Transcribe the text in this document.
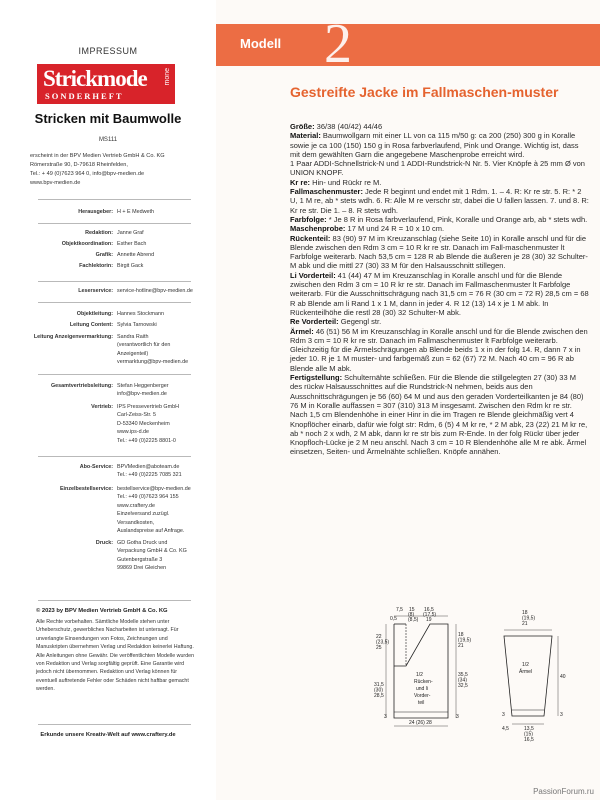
IMPRESSUM
Strickmode
SONDERHEFT
mone
Stricken mit Baumwolle
MS111
erscheint in der BPV Medien Vertrieb GmbH & Co. KG
Römerstraße 90, D-79618 Rheinfelden,
Tel.: + 49 (0)7623 964 0, info@bpv-medien.de
www.bpv-medien.de
Herausgeber: H + E Medweth
Redaktion: Janne Graf
Objektkoordination: Esther Bach
Grafik: Annette Abrend
Fachlektorin: Birgit Gack
Leserservice: service-hotline@bpv-medien.de
Objektleitung: Hannes Stockmann
Leitung Content: Sylvia Tarnowski
Leitung Anzeigenvermarktung: Sandra Raith
(verantwortlich für den
Anzeigenteil)
vermarktung@bpv-medien.de
Gesamtvertriebsleitung: Stefan Heggenberger
info@bpv-medien.de
Vertrieb: IPS Pressevertrieb GmbH
Carl-Zeiss-Str. 5
D-53340 Meckenheim
www.ips-d.de
Tel.: +49 (0)2225 8801-0
Abo-Service: BPVMedien@aboteam.de
Tel.: +49 (0)2225 7085 321
Einzelbestellservice: bestellservice@bpv-medien.de
Tel.: +49 (0)7623 964 155
www.craftery.de
Einzelversand zuzügl.
Versandkosten,
Auslandspreise auf Anfrage.
Druck: GD Gotha Druck und
Verpackung GmbH & Co. KG
Gutenbergstraße 3
99869 Drei Gleichen
© 2023 by BPV Medien Vertrieb GmbH & Co. KG
Alle Rechte vorbehalten. Sämtliche Modelle stehen unter Urheberschutz, gewerbliches Nacharbeiten ist untersagt. Für unverlangte Einsendungen von Fotos, Zeichnungen und Manuskripten übernehmen Verlag und Redaktion keinerlei Haftung. Alle Anleitungen ohne Gewähr. Die veröffentlichten Modelle wurden von Redaktion und Verlag sorgfältig geprüft. Eine Garantie wird jedoch nicht übernommen. Redaktion und Verlag können für eventuell auftretende Fehler oder Schäden nicht haftbar gemacht werden.
Erkunde unsere Kreativ-Welt auf www.craftery.de
Modell 2
Gestreifte Jacke im Fallmaschen-muster

Größe: 36/38 (40/42) 44/46

Material: Baumwollgarn mit einer LL von ca 115 m/50 g: ca 200 (250) 300 g in Koralle sowie je ca 100 (150) 150 g in Rosa farbverlaufend, Pink und Orange. Wichtig ist, dass mit dem gewählten Garn die angegebene Maschenprobe erreicht wird.

1 Paar ADDI-Schnellstrick-N und 1 ADDI-Rundstrick-N Nr. 5. Vier Knöpfe à 25 mm Ø von UNION KNOPF.

Kr re: Hin- und Rückr re M.

Fallmaschenmuster: Jede R beginnt und endet mit 1 Rdm. 1. – 4. R: Kr re str. 5. R: * 2 U, 1 M re, ab * stets wdh. 6. R: Alle M re verschr str, dabei die U fallen lassen. 7. und 8. R: Kr re str. Die 1. – 8. R stets wdh.

Farbfolge: * Je 8 R in Rosa farbverlaufend, Pink, Koralle und Orange arb, ab * stets wdh.

Maschenprobe: 17 M und 24 R = 10 x 10 cm.

Rückenteil: 83 (90) 97 M im Kreuzanschlag (siehe Seite 10) in Koralle anschl und für die Blende zwischen den Rdm 3 cm = 10 R kr re str. Danach im Fall-maschenmuster lt Farbfolge weiterarb. Nach 53,5 cm = 128 R ab Blende die äußeren je 28 (30) 32 Schulter-M abk und die mittl 27 (30) 33 M für den Halsausschnitt stillegen.

Li Vorderteil: 41 (44) 47 M im Kreuzanschlag in Koralle anschl und für die Blende zwischen den Rdm 3 cm = 10 R kr re str. Danach im Fallmaschenmuster lt Farbfolge weiterarb. Für die Ausschnittschrägung nach 31,5 cm = 76 R (30 cm = 72 R) 28,5 cm = 68 R ab Blende am li Rand 1 x 1 M, dann in jeder 4. R 12 (13) 14 x je 1 M abk. In Rückenteilhöhe die restl 28 (30) 32 Schulter-M abk.

Re Vorderteil: Gegengl str.

Ärmel: 46 (51) 56 M im Kreuzanschlag in Koralle anschl und für die Blende zwischen den Rdm 3 cm = 10 R kr re str. Danach im Fallmaschenmuster lt Farbfolge weiterarb. Gleichzeitig für die Ärmelschrägungen ab Blende beids 1 x in der folg 14. R, dann 7 x in jeder 10. R je 1 M muster- und farbgemäß zun = 62 (67) 72 M. Nach 40 cm = 96 R ab Blende alle M abk.

Fertigstellung: Schulternähte schließen. Für die Blende die stillgelegten 27 (30) 33 M des rückw Halsausschnittes auf die Rundstrick-N nehmen, beids aus den Ausschnittschrägungen je 56 (60) 64 M und aus den geraden Vorderteilkanten je 84 (80) 76 M in Koralle auffassen = 307 (310) 313 M insgesamt. Zwischen den Rdm kr re str. Nach 1,5 cm Blendenhöhe in einer Hinr in die im Tragen re Blende gleichmäßig vert 4 Knopflöcher einarb, dafür wie folgt str: Rdm, 6 (5) 4 M kr re, * 2 M abk, 23 (22) 21 M kr re, ab * noch 2 x wdh, 2 M abk, dann kr re str bis zum R-Ende. In der folg Rückr über jeder Knopfloch-Lücke je 2 M neu anschl. Nach 3 cm = 10 R Blendenhöhe alle M re abk. Ärmel einsetzen, Seiten- und Ärmelnähte schließen. Knöpfe annähen.

7,5
0,5
15
(8)
(8,5)
16,5
(17,5)
19
22 (23,5) 25
31,5 (30) 28,5
18 (19,5) 21
35,5 (34) 32,5
1/2
Rücken-
und li
Vorder-
teil
24 (26) 28
3	3
18 (19,5) 21
1/2
Ärmel
40
13,5 (15) 16,5
4,5
3	3
PassionForum.ru
